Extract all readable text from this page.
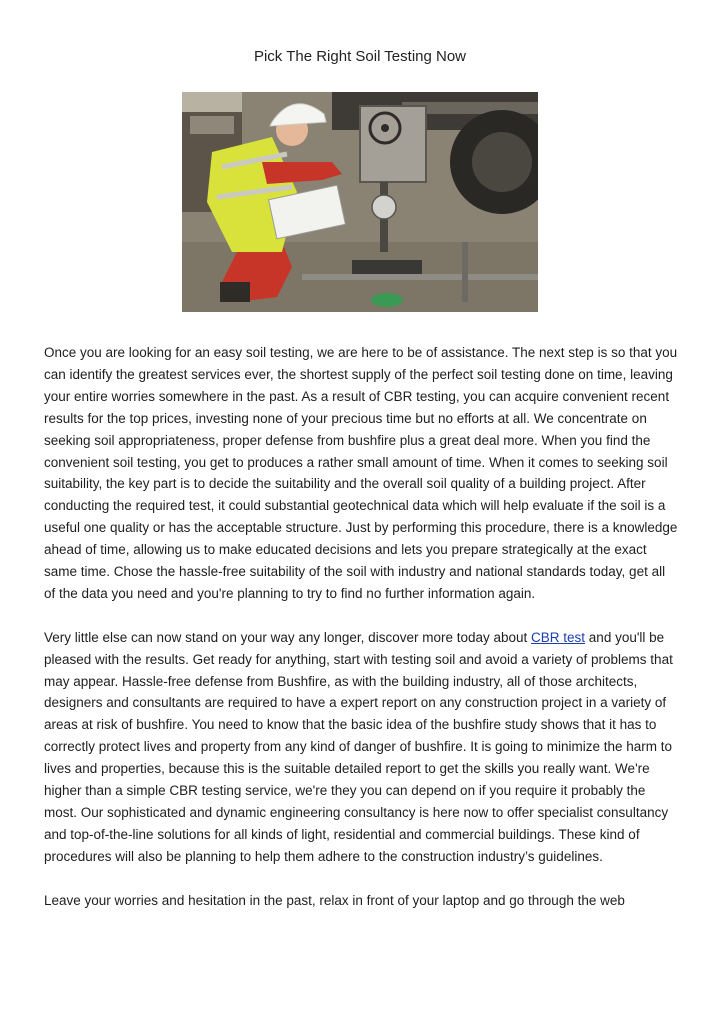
Pick The Right Soil Testing Now

Once you are looking for an easy soil testing, we are here to be of assistance. The next step is so that you can identify the greatest services ever, the shortest supply of the perfect soil testing done on time, leaving your entire worries somewhere in the past. As a result of CBR testing, you can acquire convenient recent results for the top prices, investing none of your precious time but no efforts at all. We concentrate on seeking soil appropriateness, proper defense from bushfire plus a great deal more. When you find the convenient soil testing, you get to produces a rather small amount of time. When it comes to seeking soil suitability, the key part is to decide the suitability and the overall soil quality of a building project. After conducting the required test, it could substantial geotechnical data which will help evaluate if the soil is a useful one quality or has the acceptable structure. Just by performing this procedure, there is a knowledge ahead of time, allowing us to make educated decisions and lets you prepare strategically at the exact same time. Chose the hassle-free suitability of the soil with industry and national standards today, get all of the data you need and you're planning to try to find no further information again.

Very little else can now stand on your way any longer, discover more today about CBR test and you'll be pleased with the results. Get ready for anything, start with testing soil and avoid a variety of problems that may appear. Hassle-free defense from Bushfire, as with the building industry, all of those architects, designers and consultants are required to have a expert report on any construction project in a variety of areas at risk of bushfire. You need to know that the basic idea of the bushfire study shows that it has to correctly protect lives and property from any kind of danger of bushfire. It is going to minimize the harm to lives and properties, because this is the suitable detailed report to get the skills you really want. We're higher than a simple CBR testing service, we're they you can depend on if you require it probably the most. Our sophisticated and dynamic engineering consultancy is here now to offer specialist consultancy and top-of-the-line solutions for all kinds of light, residential and commercial buildings. These kind of procedures will also be planning to help them adhere to the construction industry’s guidelines.

Leave your worries and hesitation in the past, relax in front of your laptop and go through the web
